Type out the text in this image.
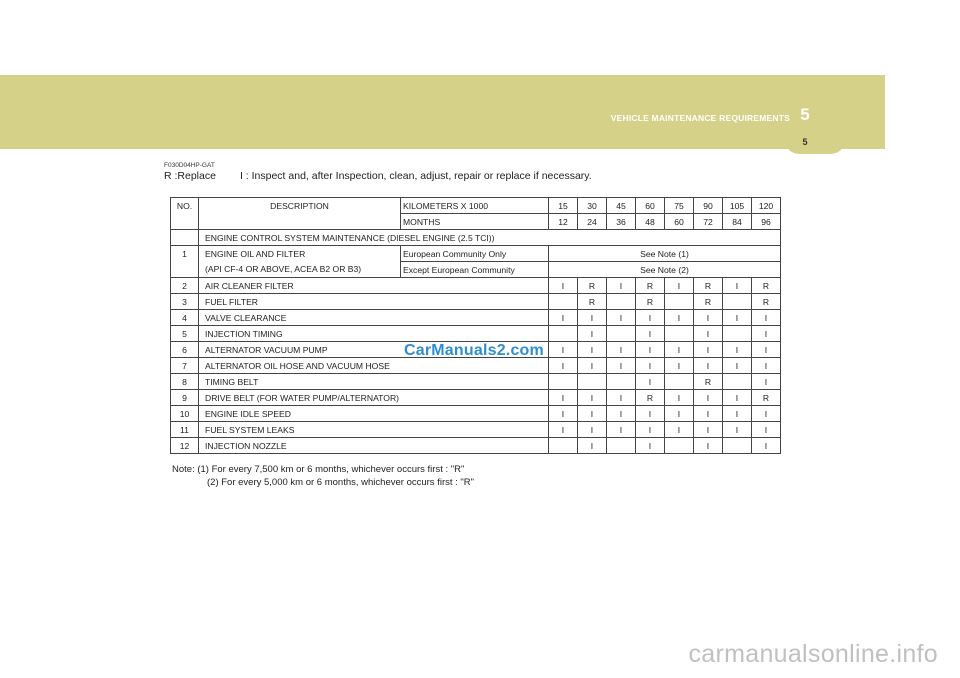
VEHICLE MAINTENANCE REQUIREMENTS 5
5
F030D04HP-GAT
R :Replace I : Inspect and, after Inspection, clean, adjust, repair or replace if necessary.
NO.	DESCRIPTION	KILOMETERS X 1000	15	30	45	60	75	90	105	120
		MONTHS	12	24	36	48	60	72	84	96
	ENGINE CONTROL SYSTEM MAINTENANCE (DIESEL ENGINE (2.5 TCI))									
1	ENGINE OIL AND FILTER	European Community Only	See Note (1)							
	(API CF-4 OR ABOVE, ACEA B2 OR B3)	Except European Community	See Note (2)							
2	AIR CLEANER FILTER		I	R	I	R	I	R	I	R
3	FUEL FILTER			R		R		R		R
4	VALVE CLEARANCE		I	I	I	I	I	I	I	I
5	INJECTION TIMING			I		I		I		I
6	ALTERNATOR VACUUM PUMP		I	I	I	I	I	I	I	I
7	ALTERNATOR OIL HOSE AND VACUUM HOSE		I	I	I	I	I	I	I	I
8	TIMING BELT					I		R		I
9	DRIVE BELT (FOR WATER PUMP/ALTERNATOR)		I	I	I	R	I	I	I	R
10	ENGINE IDLE SPEED		I	I	I	I	I	I	I	I
11	FUEL SYSTEM LEAKS		I	I	I	I	I	I	I	I
12	INJECTION NOZZLE			I		I		I		I
CarManuals2.com
Note: (1) For every 7,500 km or 6 months, whichever occurs first : "R"
(2) For every 5,000 km or 6 months, whichever occurs first : "R"
carmanualsonline.info
